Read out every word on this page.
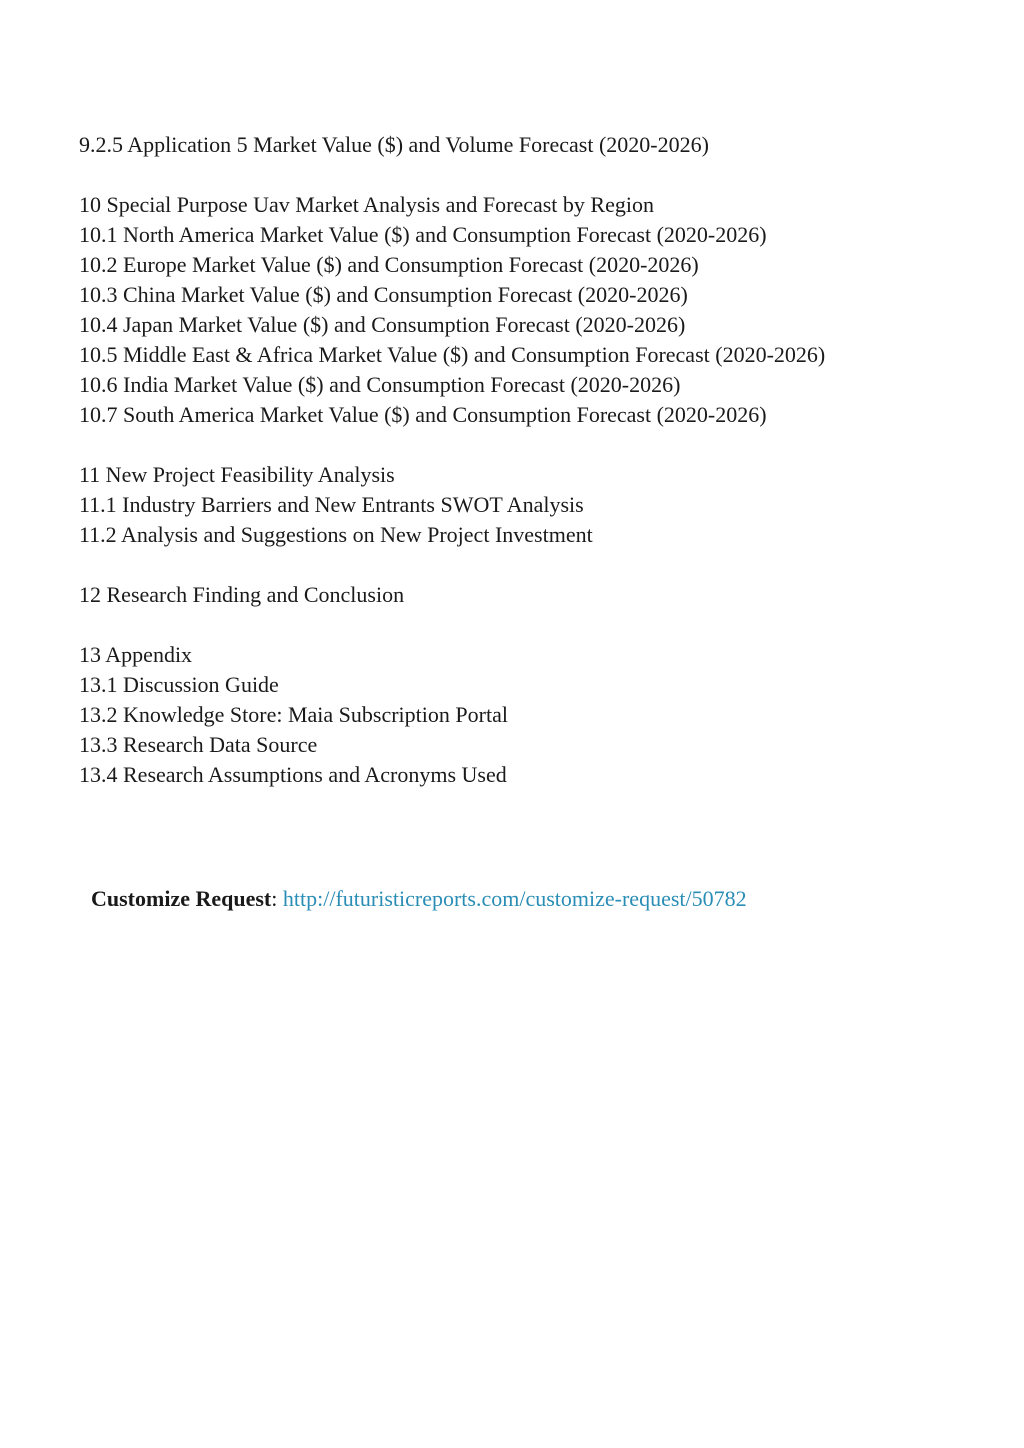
9.2.5 Application 5 Market Value ($) and Volume Forecast (2020-2026)
10 Special Purpose Uav Market Analysis and Forecast by Region
10.1 North America Market Value ($) and Consumption Forecast (2020-2026)
10.2 Europe Market Value ($) and Consumption Forecast (2020-2026)
10.3 China Market Value ($) and Consumption Forecast (2020-2026)
10.4 Japan Market Value ($) and Consumption Forecast (2020-2026)
10.5 Middle East & Africa Market Value ($) and Consumption Forecast (2020-2026)
10.6 India Market Value ($) and Consumption Forecast (2020-2026)
10.7 South America Market Value ($) and Consumption Forecast (2020-2026)
11 New Project Feasibility Analysis
11.1 Industry Barriers and New Entrants SWOT Analysis
11.2 Analysis and Suggestions on New Project Investment
12 Research Finding and Conclusion
13 Appendix
13.1 Discussion Guide
13.2 Knowledge Store: Maia Subscription Portal
13.3 Research Data Source
13.4 Research Assumptions and Acronyms Used
Customize Request: http://futuristicreports.com/customize-request/50782
